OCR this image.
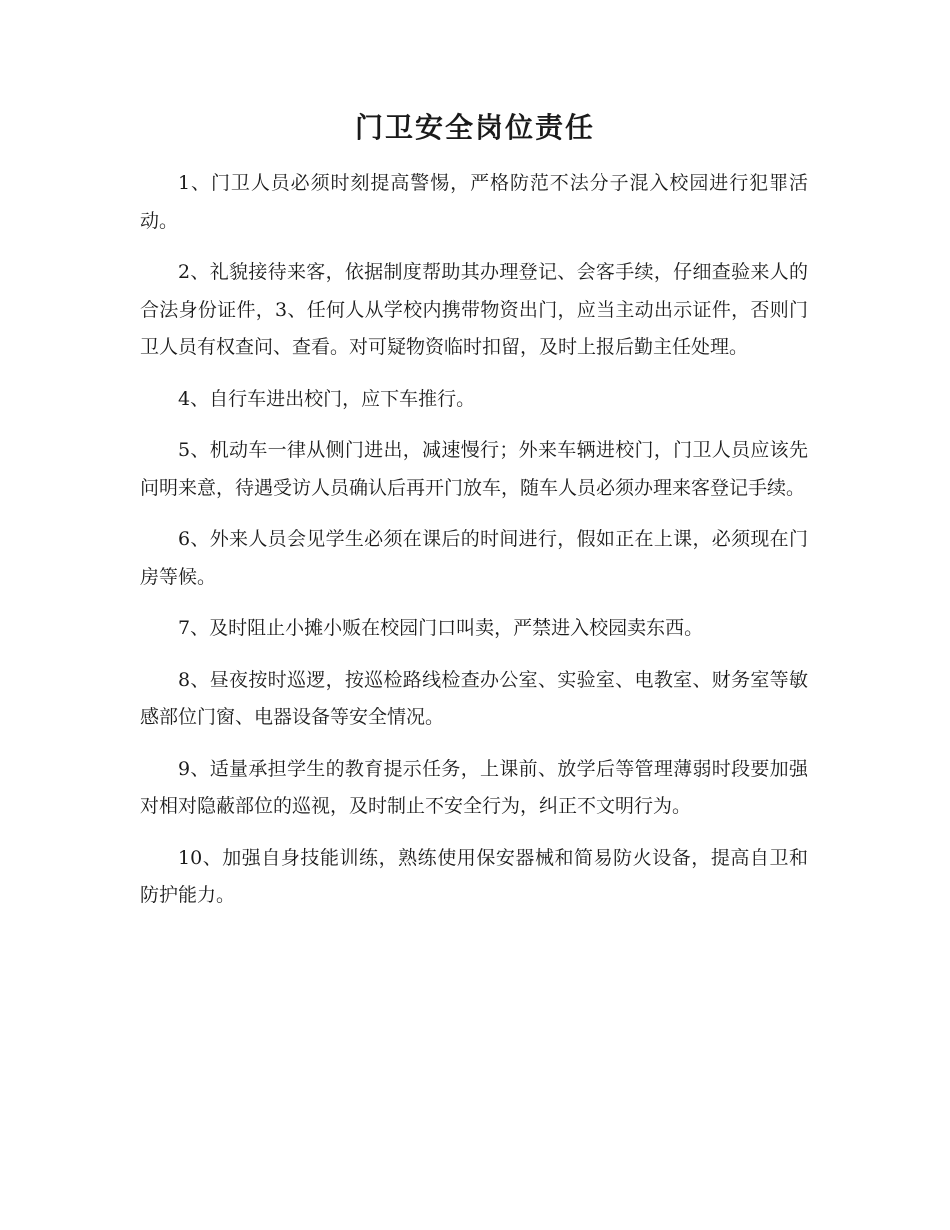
门卫安全岗位责任

1、门卫人员必须时刻提高警惕，严格防范不法分子混入校园进行犯罪活动。

2、礼貌接待来客，依据制度帮助其办理登记、会客手续，仔细查验来人的合法身份证件，3、任何人从学校内携带物资出门，应当主动出示证件，否则门卫人员有权查问、查看。对可疑物资临时扣留，及时上报后勤主任处理。

4、自行车进出校门，应下车推行。

5、机动车一律从侧门进出，减速慢行；外来车辆进校门，门卫人员应该先问明来意，待遇受访人员确认后再开门放车，随车人员必须办理来客登记手续。

6、外来人员会见学生必须在课后的时间进行，假如正在上课，必须现在门房等候。

7、及时阻止小摊小贩在校园门口叫卖，严禁进入校园卖东西。

8、昼夜按时巡逻，按巡检路线检查办公室、实验室、电教室、财务室等敏感部位门窗、电器设备等安全情况。

9、适量承担学生的教育提示任务，上课前、放学后等管理薄弱时段要加强对相对隐蔽部位的巡视，及时制止不安全行为，纠正不文明行为。

10、加强自身技能训练，熟练使用保安器械和简易防火设备，提高自卫和防护能力。
